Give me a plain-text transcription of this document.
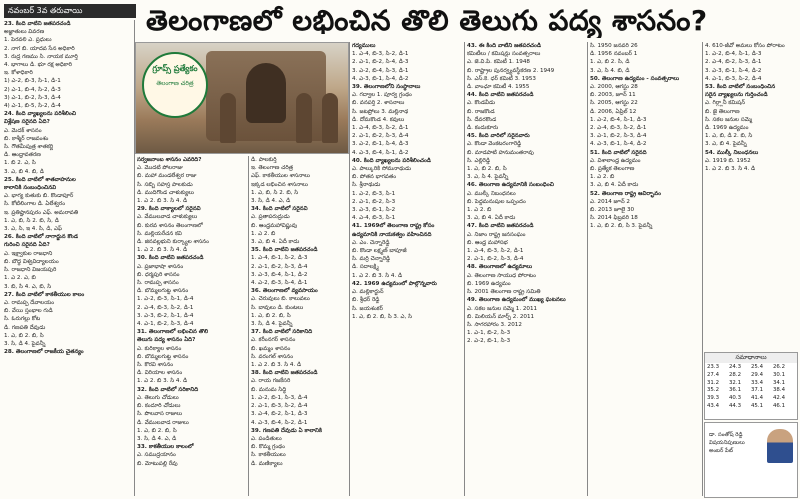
నవంబర్ 3వ తరువాయి	తెలంగాణలో లభించిన తొలి తెలుగు పద్య శాసనం?
23. కింది వాటిని జతపరచండి
అజ్ఞాతులు వివరణ
1. పెరవలి ఎ. ప్రధులు
2. నాగ బి. యాదవ సేన అధికారి
3. రుద్ర గణము సి. నాయక మూర్తి
4. భాగాలు డి. భూ రక్ష అధికారి
ఇ. కోశాధికారి
1) ఎ-2, బి-3, సి-1, డి-1
2) ఎ-1, బి-4, సి-2, డి-3
3) ఎ-1, బి-2, సి-3, డి-4
4) ఎ-1, బి-5, సి-2, డి-4
24. కింది వ్యాఖ్యలను పరిశీలించి
విశ్లేషణ సరైనది ఏది?
ఎ. మెదక్ శాసనం
బి. కాశ్మీర్ రాజవంశం
సి. గౌతమీపుత్ర శాతకర్ణి
డి. ఆంధ్రావతరణ
1. బి 2. ఎ, సి
3. ఎ, బి 4. బి, డి
25. కింది వాటిలో శాతవాహనుల
కాలానికి సంబంధించినవి
ఎ. భాగ్య కుతుకు బి. కొండాపూర్
సి. కోటిలింగాల డి. ఏలేశ్వరం
ఇ. ప్రతిష్టానపురం ఎఫ్. అమరావతి
1. ఎ, బి, సి 2. బి, సి, డి
3. ఎ, సి, ఇ 4. సి, డి, ఎఫ్
26. కింది వాటిలో నాగార్జున కొండ
గురించి సరైనది ఏది?
ఎ. ఇక్ష్వాకుల రాజధాని
బి. బౌద్ధ విశ్వవిద్యాలయం
సి. రాజధాని విజయపురి
1. ఎ 2. ఎ, బి
3. బి, సి 4. ఎ, బి, సి
27. కింది వాటిలో కాకతీయుల కాలం
ఎ. రామప్ప దేవాలయం
బి. వేయి స్తంభాల గుడి
సి. ఓరుగల్లు కోట
డి. గణపతి దేవుడు
1. ఎ, బి 2. బి, సి
3. సి, డి 4. పైవన్నీ
28. తెలంగాణలో రాజకీయ చైతన్యం
గ్రూప్స్ ప్రత్యేకం
తెలంగాణ చరిత్ర
సర్వజనాంబ శాసనం ఎవరిది?
ఎ. మొదటి పోలరాజు
బి. మహా మండలేశ్వర రాజు
సి. సబ్బి సహస్ర పాలకుడు
డి. ముదిగొండ చాళుక్యులు
1. ఎ 2. బి 3. సి 4. డి
29. కింది వాక్యాలలో సరైనవి
ఎ. వేములవాడ చాళుక్యులు
బి. కురవ శాసనం తెలంగాణలో
సి. మల్లియరేచన కవి
డి. జినవల్లభుని కుర్క్యాల శాసనం
1. ఎ 2. బి 3. సి 4. డి
30. కింది వాటిని జతపరచండి
ఎ. ప్రజాభాషా శాసనం
బి. ధర్మపురి శాసనం
సి. రామప్ప శాసనం
డి. బొమ్మలగుట్ట శాసనం
1. ఎ-2, బి-3, సి-1, డి-4
2. ఎ-4, బి-3, సి-2, డి-1
3. ఎ-3, బి-2, సి-1, డి-4
4. ఎ-1, బి-2, సి-3, డి-4
31. తెలంగాణలో లభించిన తొలి
తెలుగు పద్య శాసనం ఏది?
ఎ. కురిక్యాల శాసనం
బి. బొమ్మలగుట్ట శాసనం
సి. కొరవి శాసనం
డి. విరియాల శాసనం
1. ఎ 2. బి 3. సి 4. డి
32. కింది వాటిలో సరికానిది
ఎ. తెలుగు చోడులు
బి. కందూరి చోడులు
సి. పొలవాస రాజులు
డి. వేములవాడ రాజులు
1. ఎ, బి 2. బి, సి
3. సి, డి 4. ఎ, డి
33. కాకతీయుల కాలంలో
ఎ. సముద్రయానం
బి. మోటుపల్లి రేవు
డి. పాలకుర్తి
ఇ. తెలంగాణ చరిత్ర
ఎఫ్. కాకతీయుల శాసనాలు
ఇక్కడ లభించిన శాసనాలు
1. ఎ, బి, సి 2. బి, సి
3. సి, డి 4. ఎ, డి
34. కింది వాటిలో సరైనవి
ఎ. ప్రతాపరుద్రుడు
బి. ఆంధ్రమహావిష్ణువు
1. ఎ 2. బి
3. ఎ, బి 4. ఏదీ కాదు
35. కింది వాటిని జతపరచండి
1. ఎ-4, బి-1, సి-2, డి-3
2. ఎ-1, బి-2, సి-3, డి-4
3. ఎ-3, బి-4, సి-1, డి-2
4. ఎ-2, బి-3, సి-4, డి-1
36. తెలంగాణలో వ్యవసాయం
ఎ. చెరువులు బి. కాలువలు
సి. బావులు డి. కుంటలు
1. ఎ, బి 2. బి, సి
3. సి, డి 4. పైవన్నీ
37. కింది వాటిలో సరికానిది
ఎ. కరీంనగర్ శాసనం
బి. ఖమ్మం శాసనం
సి. వరంగల్ శాసనం
1. ఎ 2. బి 3. సి 4. డి
38. కింది వాటిని జతపరచండి
ఎ. రాయ గజకేసరి
బి. మనుమ సిద్ధి
1. ఎ-2, బి-1, సి-3, డి-4
2. ఎ-1, బి-3, సి-2, డి-4
3. ఎ-4, బి-2, సి-1, డి-3
4. ఎ-3, బి-4, సి-2, డి-1
39. గణపతి దేవుడు ఏ కాలానికి
ఎ. పండితులు
బి. కొమ్మ గ్రంథం
సి. కాకతీయులు
డి. మణిక్యాలు
గద్యములు
1. ఎ-4, బి-3, సి-2, డి-1
2. ఎ-1, బి-2, సి-4, డి-3
3. ఎ-2, బి-4, సి-3, డి-1
4. ఎ-3, బి-1, సి-4, డి-2
39. తెలంగాణలోని సంస్థానాలు
ఎ. గద్వాల 1. పూర్వ గ్రంథం
బి. వనపర్తి 2. శాసనాలు
సి. జటప్రోలు 3. మల్లినాథ
డి. దోమకొండ 4. కవులు
1. ఎ-4, బి-3, సి-2, డి-1
2. ఎ-1, బి-2, సి-3, డి-4
3. ఎ-2, బి-1, సి-4, డి-3
4. ఎ-3, బి-4, సి-1, డి-2
40. కింది వ్యాఖ్యలను పరిశీలించండి
ఎ. పాల్కురికి సోమనాథుడు
బి. పోతన భాగవతం
సి. శ్రీనాథుడు
1. ఎ-2, బి-3, సి-1
2. ఎ-1, బి-2, సి-3
3. ఎ-3, బి-1, సి-2
4. ఎ-4, బి-3, సి-1
41. 1969లో తెలంగాణ రాష్ట్ర కోసం
ఉద్యమానికి నాయకత్వం వహించినది
ఎ. ఎం. చెన్నారెడ్డి
బి. కొండా లక్ష్మణ్ బాపూజీ
సి. మర్రి చెన్నారెడ్డి
డి. సదాలక్ష్మి
1. ఎ 2. బి 3. సి 4. డి
42. 1969 ఉద్యమంలో పాల్గొన్నవారు
ఎ. మల్లికార్జున్
బి. శ్రీధర్ రెడ్డి
సి. జయశంకర్
1. ఎ, బి 2. బి, సి 3. ఎ, సి
43. ఈ కింది వాటిని జతపరచండి
కమిటీలు / కమిషన్లు సంవత్సరాలు
ఎ. జె.వి.పి. కమిటీ 1. 1948
బి. రాష్ట్రాల పునర్వ్యవస్థీకరణ 2. 1949
సి. ఎస్.కె. ధర్ కమిటీ 3. 1953
డి. వాంఛూ కమిటీ 4. 1955
44. కింది వాటిని జతపరచండి
ఎ. కొండవీడు
బి. రాజకొండ
సి. దేవరకొండ
డి. కందుకూరు
45. కింది వారిలో సరైనవారు
ఎ. కొండా వెంకటరంగారెడ్డి
బి. మాడపాటి హనుమంతరావు
సి. ఎల్లిరెడ్డి
1. ఎ, బి 2. బి, సి
3. ఎ, సి 4. పైవన్నీ
46. తెలంగాణ ఉద్యమానికి సంబంధించి
ఎ. ముల్కీ నిబంధనలు
బి. పెద్దమనుషుల ఒప్పందం
1. ఎ 2. బి
3. ఎ, బి 4. ఏదీ కాదు
47. కింది వాటిని జతపరచండి
ఎ. నిజాం రాష్ట్ర జనసంఘం
బి. ఆంధ్ర మహాసభ
1. ఎ-4, బి-3, సి-2, డి-1
2. ఎ-1, బి-2, సి-3, డి-4
48. తెలంగాణలో ఉద్యమాలు
ఎ. తెలంగాణ సాయుధ పోరాటం
బి. 1969 ఉద్యమం
సి. 2001 తెలంగాణ రాష్ట్ర సమితి
49. తెలంగాణ ఉద్యమంలో ముఖ్య ఘటనలు
ఎ. సకల జనుల సమ్మె 1. 2011
బి. మిలియన్ మార్చ్ 2. 2011
సి. సాగరహారం 3. 2012
1. ఎ-1, బి-2, సి-3
2. ఎ-2, బి-1, సి-3
సి. 1950 జనవరి 26
డి. 1956 నవంబర్ 1
1. ఎ, బి 2. సి, డి
3. ఎ, సి 4. బి, డి
50. తెలంగాణ ఉద్యమం - సంవత్సరాలు
ఎ. 2000, ఆగస్టు 28
బి. 2003, జూన్ 11
సి. 2005, ఆగస్టు 22
డి. 2006, ఏప్రిల్ 12
1. ఎ-2, బి-4, సి-1, డి-3
2. ఎ-4, బి-3, సి-2, డి-1
3. ఎ-1, బి-2, సి-3, డి-4
4. ఎ-3, బి-1, సి-4, డి-2
51. కింది వాటిలో సరైనది
ఎ. విశాలాంధ్ర ఉద్యమం
బి. ప్రత్యేక తెలంగాణ
1. ఎ 2. బి
3. ఎ, బి 4. ఏదీ కాదు
52. తెలంగాణ రాష్ట్ర ఆవిర్భావం
ఎ. 2014 జూన్ 2
బి. 2013 జూలై 30
సి. 2014 ఫిబ్రవరి 18
1. ఎ, బి 2. బి, సి 3. పైవన్నీ
4. 610-జీవో అమలు కోసం పోరాటం
1. ఎ-2, బి-4, సి-1, డి-3
2. ఎ-4, బి-2, సి-3, డి-1
3. ఎ-3, బి-1, సి-4, డి-2
4. ఎ-1, బి-3, సి-2, డి-4
53. కింది వాటిలో సంబంధించిన
సరైన వ్యాఖ్యలను గుర్తించండి
ఎ. గిర్గ్లానీ కమిషన్
బి. జై తెలంగాణ
సి. సకల జనుల సమ్మె
డి. 1969 ఉద్యమం
1. ఎ, బి, డి 2. బి, సి
3. ఎ, బి 4. పైవన్నీ
54. ముల్కీ నిబంధనలు
ఎ. 1919 బి. 1952
1. ఎ 2. బి 3. సి 4. డి
సమాధానాలు
23.3	24.3	25.4	26.2
27.4	28.2	29.4	30.1
31.2	32.1	33.4	34.1
35.2	36.1	37.1	38.4
39.3	40.3	41.4	42.4
43.4	44.3	45.1	46.1
డా. సంతోష్ రెడ్డి
విషయనిపుణులు
అంబర్ పేట్
